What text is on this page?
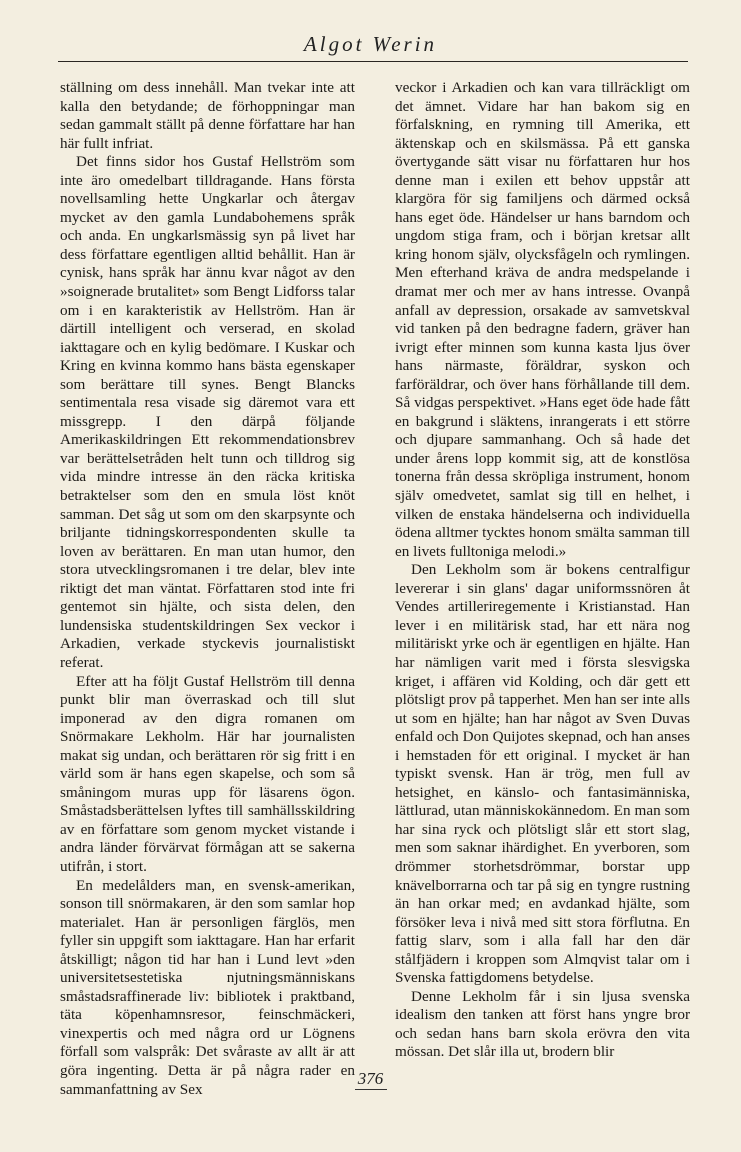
Algot Werin

ställning om dess innehåll. Man tvekar inte att kalla den betydande; de förhoppningar man sedan gammalt ställt på denne författare har han här fullt infriat.

Det finns sidor hos Gustaf Hellström som inte äro omedelbart tilldragande. Hans första novellsamling hette Ungkarlar och återgav mycket av den gamla Lundabohemens språk och anda. En ungkarlsmässig syn på livet har dess författare egentligen alltid behållit. Han är cynisk, hans språk har ännu kvar något av den »soignerade brutalitet» som Bengt Lidforss talar om i en karakteristik av Hellström. Han är därtill intelligent och verserad, en skolad iakttagare och en kylig bedömare. I Kuskar och Kring en kvinna kommo hans bästa egenskaper som berättare till synes. Bengt Blancks sentimentala resa visade sig däremot vara ett missgrepp. I den därpå följande Amerikaskildringen Ett rekommendationsbrev var berättelsetråden helt tunn och tilldrog sig vida mindre intresse än den räcka kritiska betraktelser som den en smula löst knöt samman. Det såg ut som om den skarpsynte och briljante tidningskorrespondenten skulle ta loven av berättaren. En man utan humor, den stora utvecklingsromanen i tre delar, blev inte riktigt det man väntat. Författaren stod inte fri gentemot sin hjälte, och sista delen, den lundensiska studentskildringen Sex veckor i Arkadien, verkade styckevis journalistiskt referat.

Efter att ha följt Gustaf Hellström till denna punkt blir man överraskad och till slut imponerad av den digra romanen om Snörmakare Lekholm. Här har journalisten makat sig undan, och berättaren rör sig fritt i en värld som är hans egen skapelse, och som så småningom muras upp för läsarens ögon. Småstadsberättelsen lyftes till samhällsskildring av en författare som genom mycket vistande i andra länder förvärvat förmågan att se sakerna utifrån, i stort.

En medelålders man, en svensk-amerikan, sonson till snörmakaren, är den som samlar hop materialet. Han är personligen färglös, men fyller sin uppgift som iakttagare. Han har erfarit åtskilligt; någon tid har han i Lund levt »den universitetsestetiska njutningsmänniskans småstadsraffinerade liv: bibliotek i praktband, täta köpenhamnsresor, feinschmäckeri, vinexpertis och med några ord ur Lögnens förfall som valspråk: Det svåraste av allt är att göra ingenting. Detta är på några rader en sammanfattning av Sex

veckor i Arkadien och kan vara tillräckligt om det ämnet. Vidare har han bakom sig en förfalskning, en rymning till Amerika, ett äktenskap och en skilsmässa. På ett ganska övertygande sätt visar nu författaren hur hos denne man i exilen ett behov uppstår att klargöra för sig familjens och därmed också hans eget öde. Händelser ur hans barndom och ungdom stiga fram, och i början kretsar allt kring honom själv, olycksfågeln och rymlingen. Men efterhand kräva de andra medspelande i dramat mer och mer av hans intresse. Ovanpå anfall av depression, orsakade av samvetskval vid tanken på den bedragne fadern, gräver han ivrigt efter minnen som kunna kasta ljus över hans närmaste, föräldrar, syskon och farföräldrar, och över hans förhållande till dem. Så vidgas perspektivet. »Hans eget öde hade fått en bakgrund i släktens, inrangerats i ett större och djupare sammanhang. Och så hade det under årens lopp kommit sig, att de konstlösa tonerna från dessa skröpliga instrument, honom själv omedvetet, samlat sig till en helhet, i vilken de enstaka händelserna och individuella ödena alltmer tycktes honom smälta samman till en livets fulltoniga melodi.»

Den Lekholm som är bokens centralfigur levererar i sin glans' dagar uniformssnören åt Vendes artilleriregemente i Kristianstad. Han lever i en militärisk stad, har ett nära nog militäriskt yrke och är egentligen en hjälte. Han har nämligen varit med i första slesvigska kriget, i affären vid Kolding, och där gett ett plötsligt prov på tapperhet. Men han ser inte alls ut som en hjälte; han har något av Sven Duvas enfald och Don Quijotes skepnad, och han anses i hemstaden för ett original. I mycket är han typiskt svensk. Han är trög, men full av hetsighet, en känslo- och fantasimänniska, lättlurad, utan människokännedom. En man som har sina ryck och plötsligt slår ett stort slag, men som saknar ihärdighet. En yverboren, som drömmer storhetsdrömmar, borstar upp knävelborrarna och tar på sig en tyngre rustning än han orkar med; en avdankad hjälte, som försöker leva i nivå med sitt stora förflutna. En fattig slarv, som i alla fall har den där stålfjädern i kroppen som Almqvist talar om i Svenska fattigdomens betydelse.

Denne Lekholm får i sin ljusa svenska idealism den tanken att först hans yngre bror och sedan hans barn skola erövra den vita mössan. Det slår illa ut, brodern blir

376
